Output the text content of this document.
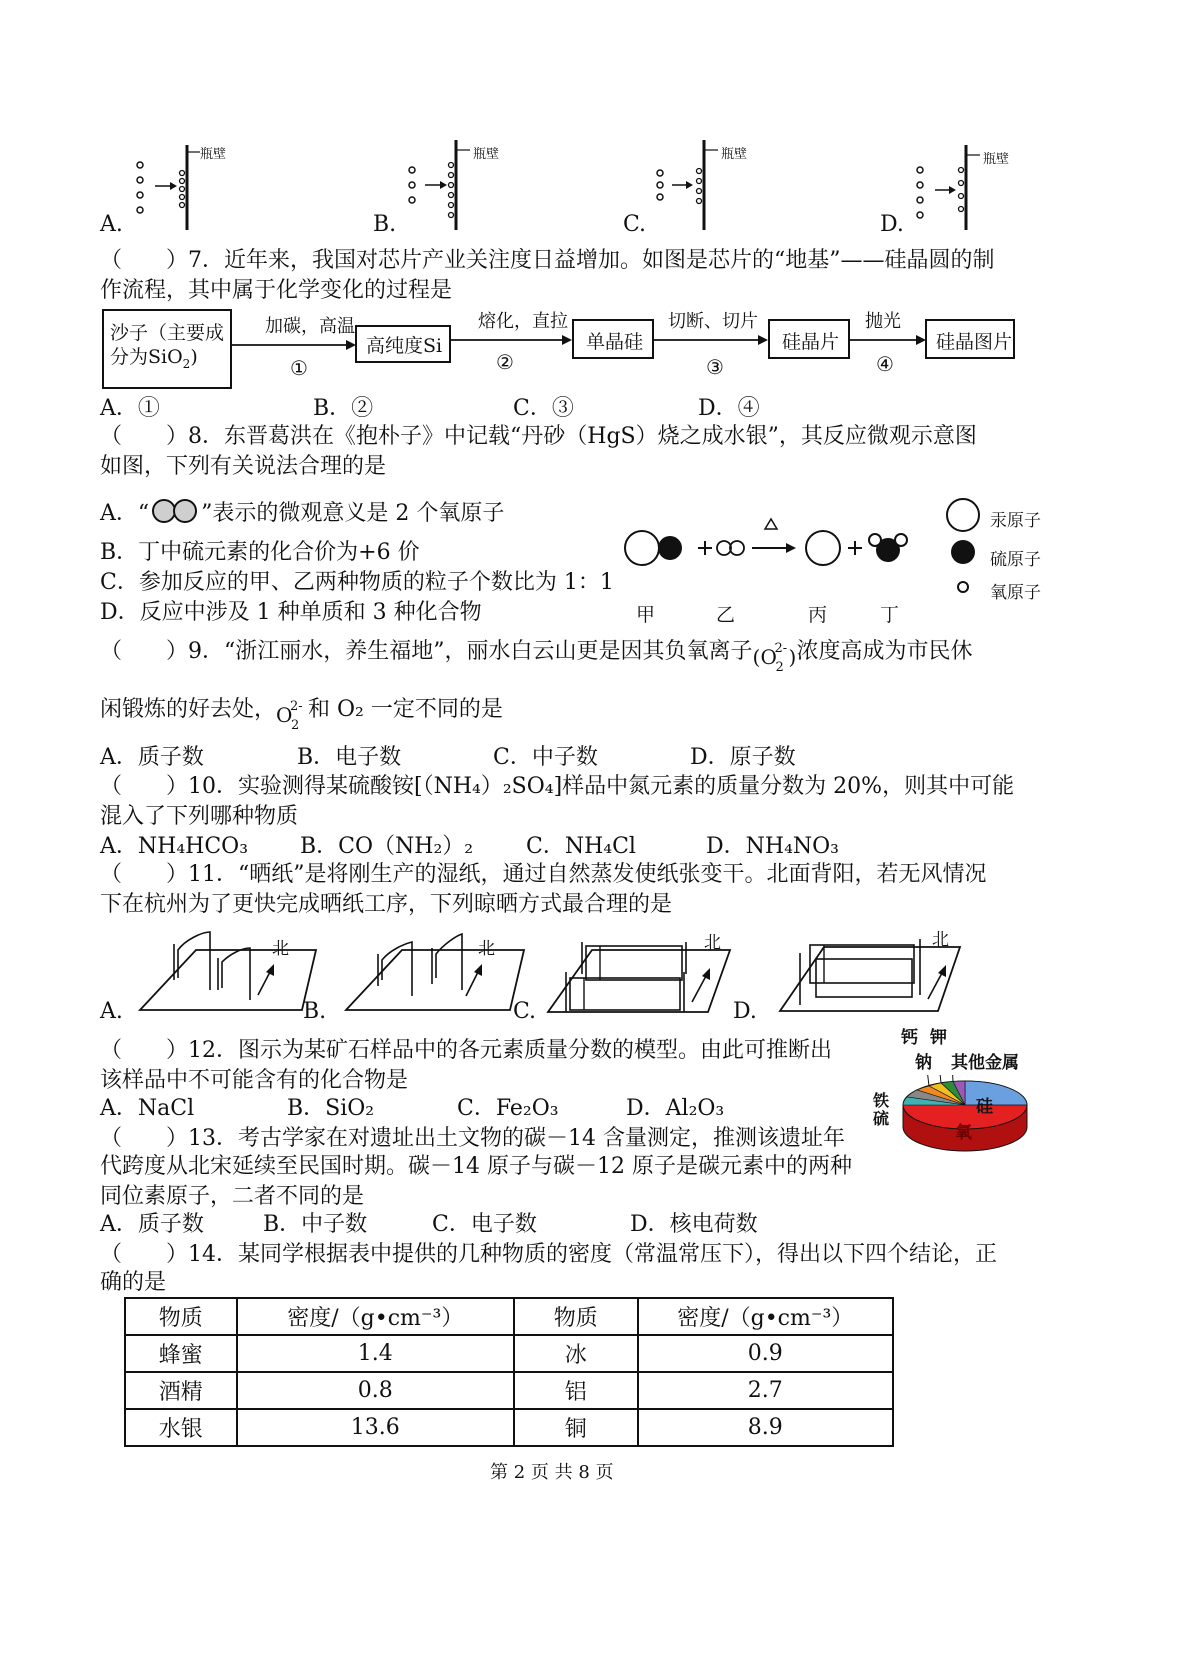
A.
瓶壁
B.
瓶壁
C.
瓶壁
D.
瓶壁
（　　）7．近年来，我国对芯片产业关注度日益增加。如图是芯片的“地基”——硅晶圆的制
作流程，其中属于化学变化的过程是
沙子（主要成
分为SiO$_2$)
加碳，高温
①
高纯度Si
熔化，直拉
②
单晶硅
切断、切片
③
硅晶片
抛光
④
硅晶图片
A．①	B．②	C．③	D．④
（　　）8．东晋葛洪在《抱朴子》中记载“丹砂（HgS）烧之成水银”，其反应微观示意图
如图，下列有关说法合理的是
A．“ ”表示的微观意义是 2 个氧原子
B．丁中硫元素的化合价为+6 价
C．参加反应的甲、乙两种物质的粒子个数比为 1：1
D．反应中涉及 1 种单质和 3 种化合物	甲	乙	丙	丁
汞原子
硫原子
氧原子
（　　）9．“浙江丽水，养生福地”，丽水白云山更是因其负氧离子 ( O
2-
2 ) 浓度高成为市民休
闲锻炼的好去处， O
2-
2
和 O₂ 一定不同的是
A．质子数	B．电子数	C．中子数	D．原子数
（　　）10．实验测得某硫酸铵[（NH₄）₂SO₄]样品中氮元素的质量分数为 20%，则其中可能
混入了下列哪种物质
A．NH₄HCO₃ B．CO（NH₂）₂ C．NH₄Cl	D．NH₄NO₃
（　　）11．“晒纸”是将刚生产的湿纸，通过自然蒸发使纸张变干。北面背阳，若无风情况
下在杭州为了更快完成晒纸工序，下列晾晒方式最合理的是
北
A.
北
B.
北
C.
北
D.
（　　）12．图示为某矿石样品中的各元素质量分数的模型。由此可推断出
该样品中不可能含有的化合物是
A．NaCl	B．SiO₂	C．Fe₂O₃	D．Al₂O₃
钙 钾
钠 其他金属
铁
硫
硅
氧
（　　）13．考古学家在对遗址出土文物的碳－14 含量测定，推测该遗址年
代跨度从北宋延续至民国时期。碳－14 原子与碳－12 原子是碳元素中的两种
同位素原子，二者不同的是
A．质子数	B．中子数	C．电子数	D．核电荷数
（　　）14．某同学根据表中提供的几种物质的密度（常温常压下），得出以下四个结论，正
确的是
物质	密度/（g•cm⁻³）	物质	密度/（g•cm⁻³）
蜂蜜	1.4	冰	0.9
酒精	0.8	铝	2.7
水银	13.6	铜	8.9
第 2 页 共 8 页
